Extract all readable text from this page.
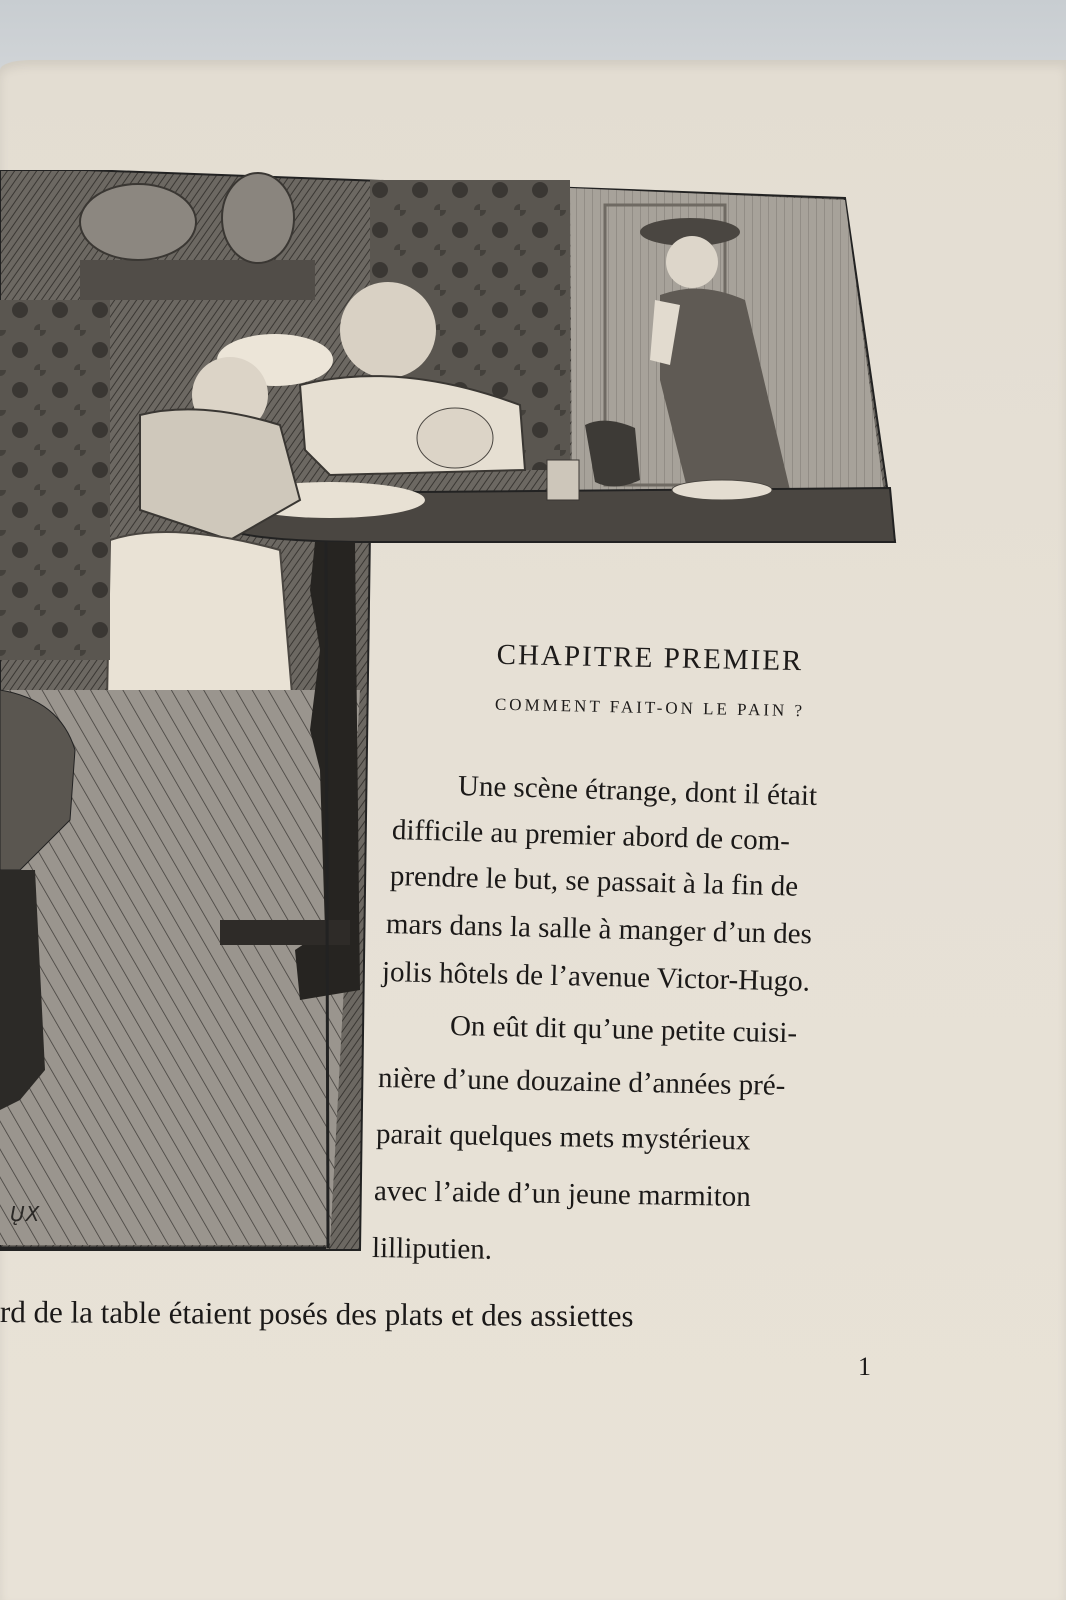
ŲX
CHAPITRE PREMIER
COMMENT FAIT-ON LE PAIN ?
Une scène étrange, dont il était
difficile au premier abord de com-
prendre le but, se passait à la fin de
mars dans la salle à manger d’un des
jolis hôtels de l’avenue Victor-Hugo.
On eût dit qu’une petite cuisi-
nière d’une douzaine d’années pré-
parait quelques mets mystérieux
avec l’aide d’un jeune marmiton
lilliputien.
rd de la table étaient posés des plats et des assiettes
1
